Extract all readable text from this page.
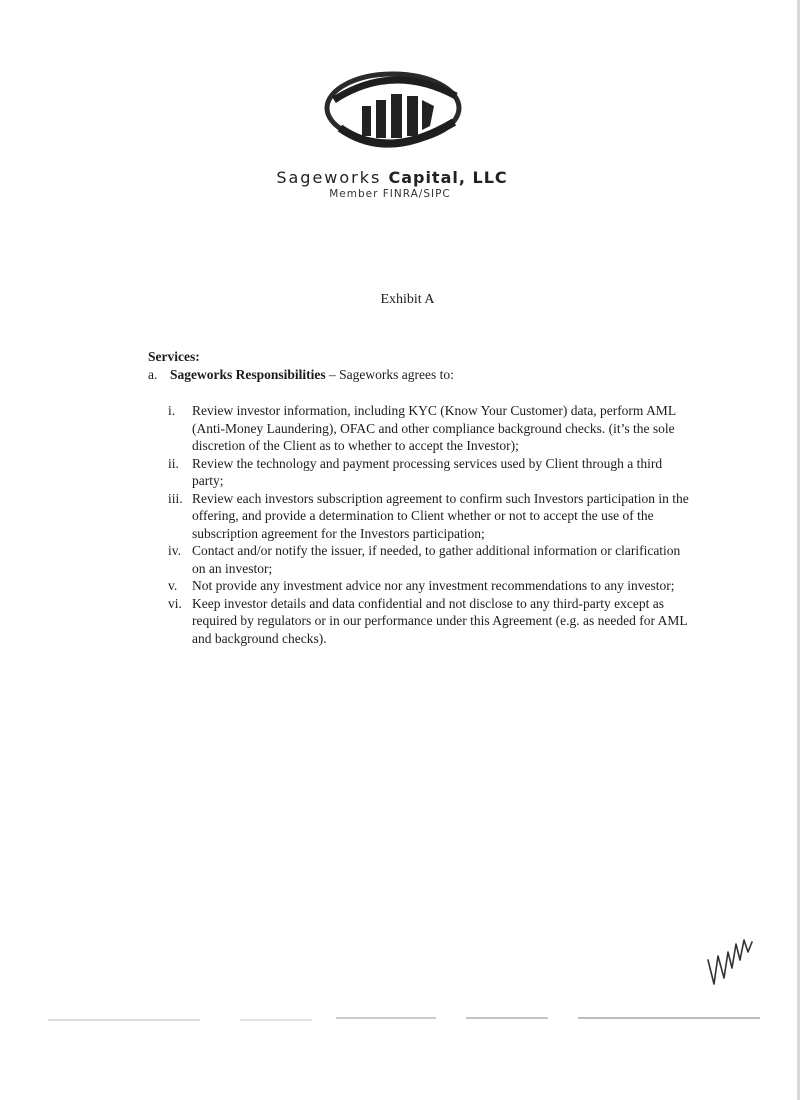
Sageworks Capital, LLC
Member FINRA/SIPC
Exhibit A
Services:
a. Sageworks Responsibilities – Sageworks agrees to:
i.	Review investor information, including KYC (Know Your Customer) data, perform AML (Anti-Money Laundering), OFAC and other compliance background checks. (it’s the sole discretion of the Client as to whether to accept the Investor);
ii. Review the technology and payment processing services used by Client through a third party;
iii. Review each investors subscription agreement to confirm such Investors participation in the offering, and provide a determination to Client whether or not to accept the use of the subscription agreement for the Investors participation;
iv. Contact and/or notify the issuer, if needed, to gather additional information or clarification on an investor;
v.	Not provide any investment advice nor any investment recommendations to any investor;
vi. Keep investor details and data confidential and not disclose to any third-party except as required by regulators or in our performance under this Agreement (e.g. as needed for AML and background checks).
